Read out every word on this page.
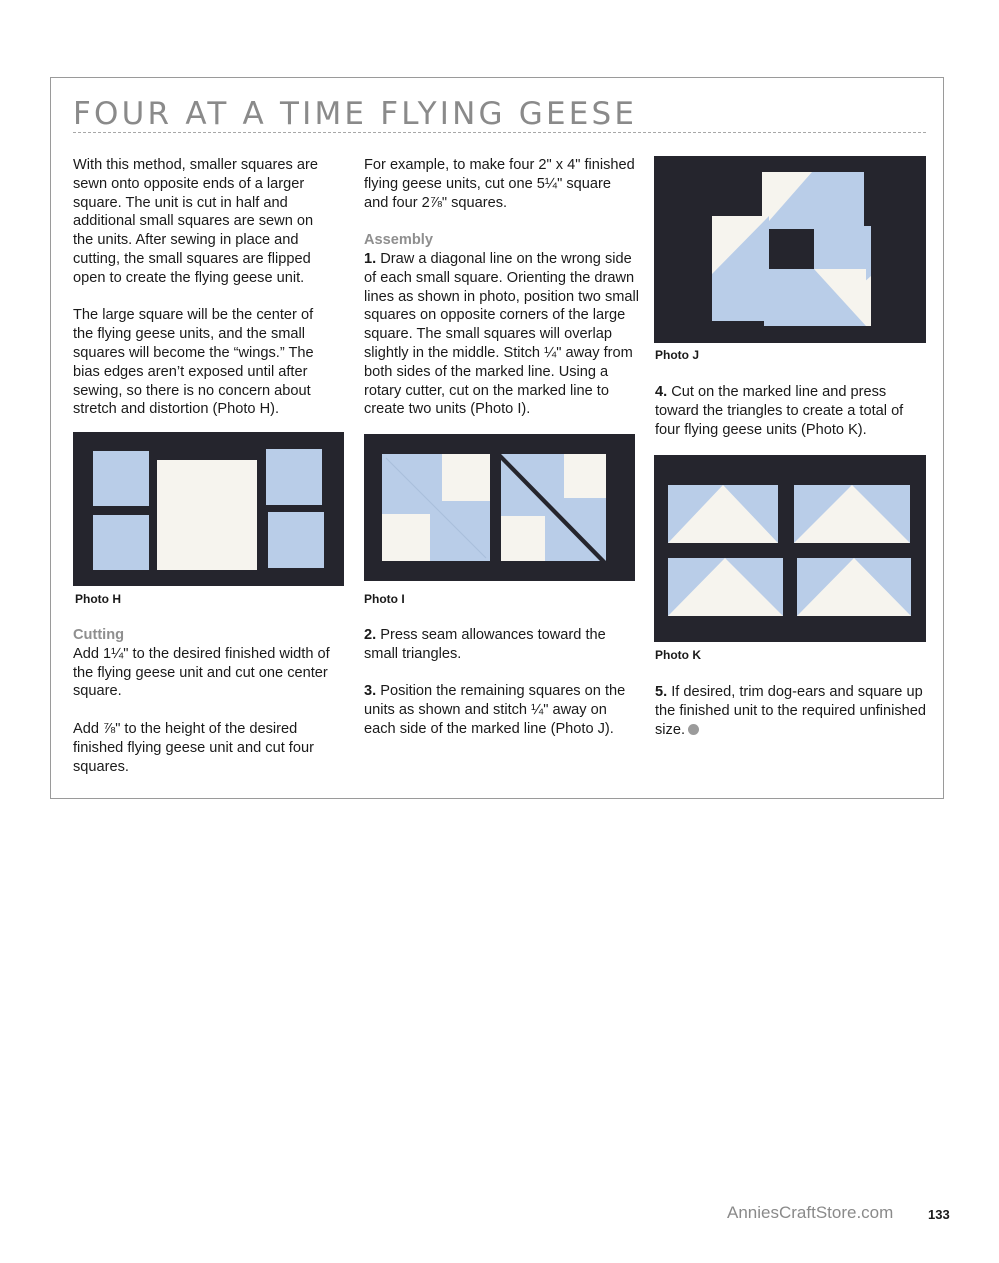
FOUR AT A TIME FLYING GEESE

With this method, smaller squares are sewn onto opposite ends of a larger square. The unit is cut in half and additional small squares are sewn on the units. After sewing in place and cutting, the small squares are flipped open to create the flying geese unit.

The large square will be the center of the flying geese units, and the small squares will become the “wings.” The bias edges aren’t exposed until after sewing, so there is no concern about stretch and distortion (Photo H).

Photo H

Cutting

Add 1¼" to the desired finished width of the flying geese unit and cut one center square.

Add ⅞" to the height of the desired finished flying geese unit and cut four squares.

For example, to make four 2" x 4" finished flying geese units, cut one 5¼" square and four 2⅞" squares.

Assembly

1. Draw a diagonal line on the wrong side of each small square. Orienting the drawn lines as shown in photo, position two small squares on opposite corners of the large square. The small squares will overlap slightly in the middle. Stitch ¼" away from both sides of the marked line. Using a rotary cutter, cut on the marked line to create two units (Photo I).

Photo I

2. Press seam allowances toward the small triangles.

3. Position the remaining squares on the units as shown and stitch ¼" away on each side of the marked line (Photo J).

Photo J

4. Cut on the marked line and press toward the triangles to create a total of four flying geese units (Photo K).

Photo K

5. If desired, trim dog-ears and square up the finished unit to the required unfinished size.

AnniesCraftStore.com	133
